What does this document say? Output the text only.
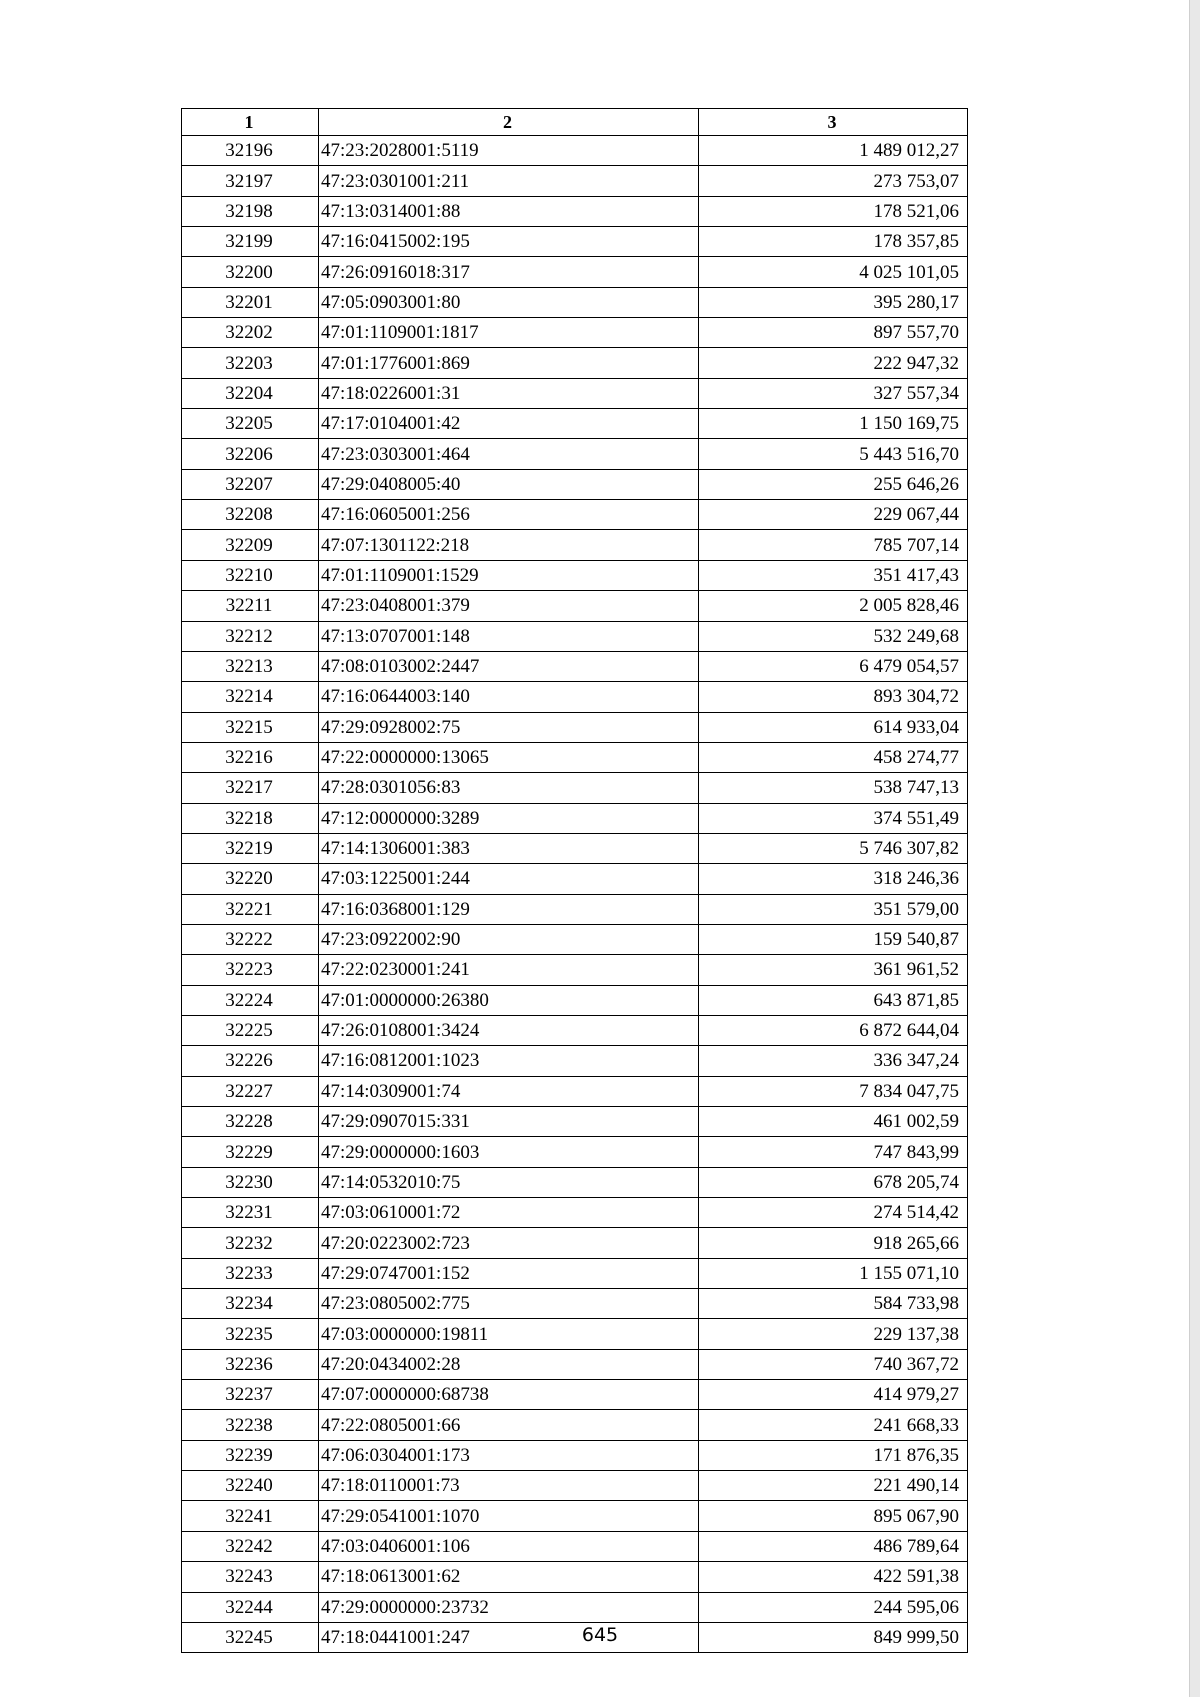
1	2	3
32196	47:23:2028001:5119	1 489 012,27
32197	47:23:0301001:211	273 753,07
32198	47:13:0314001:88	178 521,06
32199	47:16:0415002:195	178 357,85
32200	47:26:0916018:317	4 025 101,05
32201	47:05:0903001:80	395 280,17
32202	47:01:1109001:1817	897 557,70
32203	47:01:1776001:869	222 947,32
32204	47:18:0226001:31	327 557,34
32205	47:17:0104001:42	1 150 169,75
32206	47:23:0303001:464	5 443 516,70
32207	47:29:0408005:40	255 646,26
32208	47:16:0605001:256	229 067,44
32209	47:07:1301122:218	785 707,14
32210	47:01:1109001:1529	351 417,43
32211	47:23:0408001:379	2 005 828,46
32212	47:13:0707001:148	532 249,68
32213	47:08:0103002:2447	6 479 054,57
32214	47:16:0644003:140	893 304,72
32215	47:29:0928002:75	614 933,04
32216	47:22:0000000:13065	458 274,77
32217	47:28:0301056:83	538 747,13
32218	47:12:0000000:3289	374 551,49
32219	47:14:1306001:383	5 746 307,82
32220	47:03:1225001:244	318 246,36
32221	47:16:0368001:129	351 579,00
32222	47:23:0922002:90	159 540,87
32223	47:22:0230001:241	361 961,52
32224	47:01:0000000:26380	643 871,85
32225	47:26:0108001:3424	6 872 644,04
32226	47:16:0812001:1023	336 347,24
32227	47:14:0309001:74	7 834 047,75
32228	47:29:0907015:331	461 002,59
32229	47:29:0000000:1603	747 843,99
32230	47:14:0532010:75	678 205,74
32231	47:03:0610001:72	274 514,42
32232	47:20:0223002:723	918 265,66
32233	47:29:0747001:152	1 155 071,10
32234	47:23:0805002:775	584 733,98
32235	47:03:0000000:19811	229 137,38
32236	47:20:0434002:28	740 367,72
32237	47:07:0000000:68738	414 979,27
32238	47:22:0805001:66	241 668,33
32239	47:06:0304001:173	171 876,35
32240	47:18:0110001:73	221 490,14
32241	47:29:0541001:1070	895 067,90
32242	47:03:0406001:106	486 789,64
32243	47:18:0613001:62	422 591,38
32244	47:29:0000000:23732	244 595,06
32245	47:18:0441001:247	849 999,50
645
